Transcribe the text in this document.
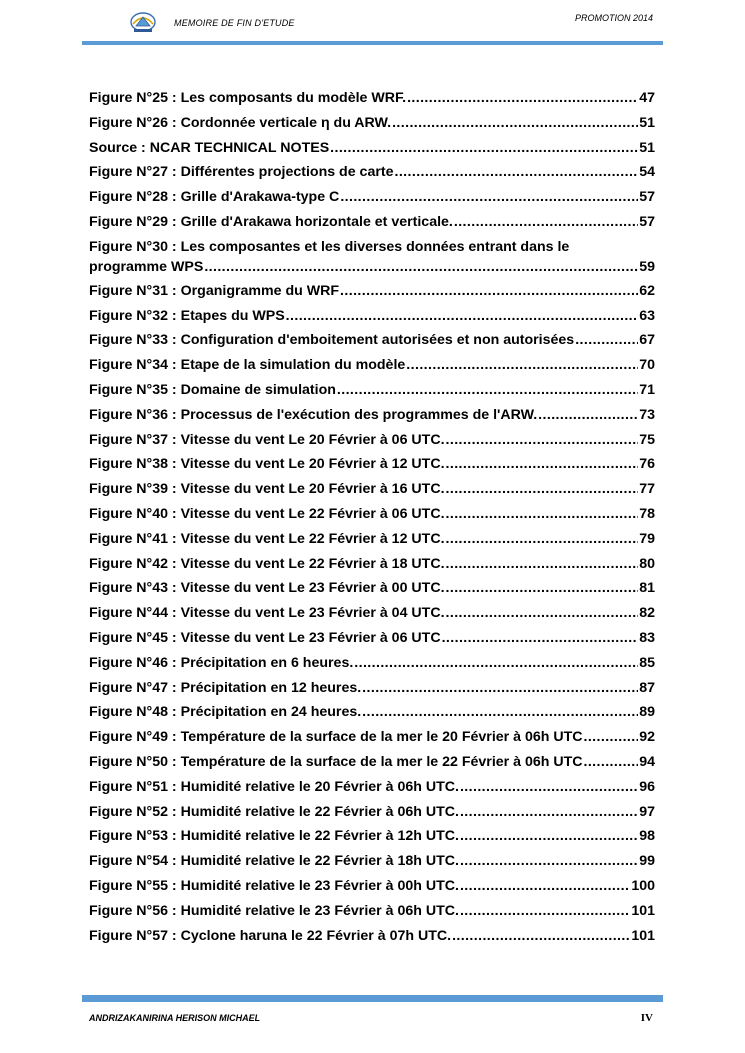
MEMOIRE DE FIN D'ETUDE	PROMOTION 2014
Figure N°25 : Les composants du modèle WRF. .....	47
Figure N°26 : Cordonnée verticale η du ARW. .....	51
Source : NCAR TECHNICAL NOTES .....	51
Figure N°27 : Différentes projections de carte .....	54
Figure N°28 : Grille d'Arakawa-type C .....	57
Figure N°29 : Grille d'Arakawa horizontale et verticale. .....	57
Figure N°30 : Les composantes et les diverses données entrant dans le
programme WPS .....	59
Figure N°31 : Organigramme du WRF .....	62
Figure N°32 : Etapes du WPS .....	63
Figure N°33 : Configuration d'emboitement autorisées et non autorisées .....	67
Figure N°34 : Etape de la simulation du modèle .....	70
Figure N°35 : Domaine de simulation .....	71
Figure N°36 : Processus de l'exécution des programmes de l'ARW. .....	73
Figure N°37 : Vitesse du vent Le 20 Février à 06 UTC. .....	75
Figure N°38 : Vitesse du vent Le 20 Février à 12 UTC. .....	76
Figure N°39 : Vitesse du vent Le 20 Février à 16 UTC. .....	77
Figure N°40 : Vitesse du vent Le 22 Février à 06 UTC. .....	78
Figure N°41 : Vitesse du vent Le 22 Février à 12 UTC. .....	79
Figure N°42 : Vitesse du vent Le 22 Février à 18 UTC. .....	80
Figure N°43 : Vitesse du vent Le 23 Février à 00 UTC. .....	81
Figure N°44 : Vitesse du vent Le 23 Février à 04 UTC. .....	82
Figure N°45 : Vitesse du vent Le 23 Février à 06 UTC .....	83
Figure N°46 : Précipitation en 6 heures. .....	85
Figure N°47 : Précipitation en 12 heures. .....	87
Figure N°48 : Précipitation en 24 heures. .....	89
Figure N°49 : Température de la surface de la mer le 20 Février à 06h UTC .....	92
Figure N°50 : Température de la surface de la mer le 22 Février à 06h UTC .....	94
Figure N°51 : Humidité relative le 20 Février à 06h UTC. .....	96
Figure N°52 : Humidité relative le 22 Février à 06h UTC. .....	97
Figure N°53 : Humidité relative le 22 Février à 12h UTC. .....	98
Figure N°54 : Humidité relative le 22 Février à 18h UTC. .....	99
Figure N°55 : Humidité relative le 23 Février à 00h UTC. .....	100
Figure N°56 : Humidité relative le 23 Février à 06h UTC. .....	101
Figure N°57 : Cyclone haruna le 22 Février à 07h UTC. .....	101
ANDRIZAKANIRINA HERISON MICHAEL	IV
